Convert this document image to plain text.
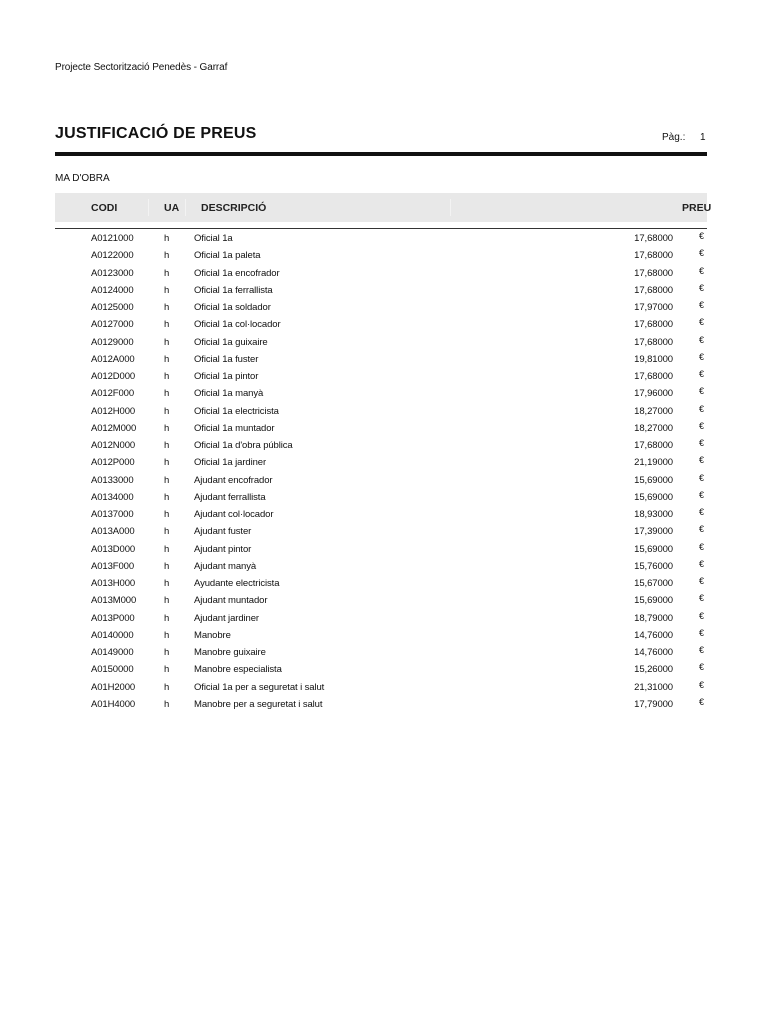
Projecte Sectorització Penedès - Garraf
JUSTIFICACIÓ DE PREUS	Pàg.: 1
MA D'OBRA
CODI	UA DESCRIPCIÓ	PREU
A0121000	h	Oficial 1a	17,68000	€
A0122000	h	Oficial 1a paleta	17,68000	€
A0123000	h	Oficial 1a encofrador	17,68000	€
A0124000	h	Oficial 1a ferrallista	17,68000	€
A0125000	h	Oficial 1a soldador	17,97000	€
A0127000	h	Oficial 1a col·locador	17,68000	€
A0129000	h	Oficial 1a guixaire	17,68000	€
A012A000	h	Oficial 1a fuster	19,81000	€
A012D000	h	Oficial 1a pintor	17,68000	€
A012F000	h	Oficial 1a manyà	17,96000	€
A012H000	h	Oficial 1a electricista	18,27000	€
A012M000	h	Oficial 1a muntador	18,27000	€
A012N000	h	Oficial 1a d'obra pública	17,68000	€
A012P000	h	Oficial 1a jardiner	21,19000	€
A0133000	h	Ajudant encofrador	15,69000	€
A0134000	h	Ajudant ferrallista	15,69000	€
A0137000	h	Ajudant col·locador	18,93000	€
A013A000	h	Ajudant fuster	17,39000	€
A013D000	h	Ajudant pintor	15,69000	€
A013F000	h	Ajudant manyà	15,76000	€
A013H000	h	Ayudante electricista	15,67000	€
A013M000	h	Ajudant muntador	15,69000	€
A013P000	h	Ajudant jardiner	18,79000	€
A0140000	h	Manobre	14,76000	€
A0149000	h	Manobre guixaire	14,76000	€
A0150000	h	Manobre especialista	15,26000	€
A01H2000	h	Oficial 1a per a seguretat i salut	21,31000	€
A01H4000	h	Manobre per a seguretat i salut	17,79000	€
